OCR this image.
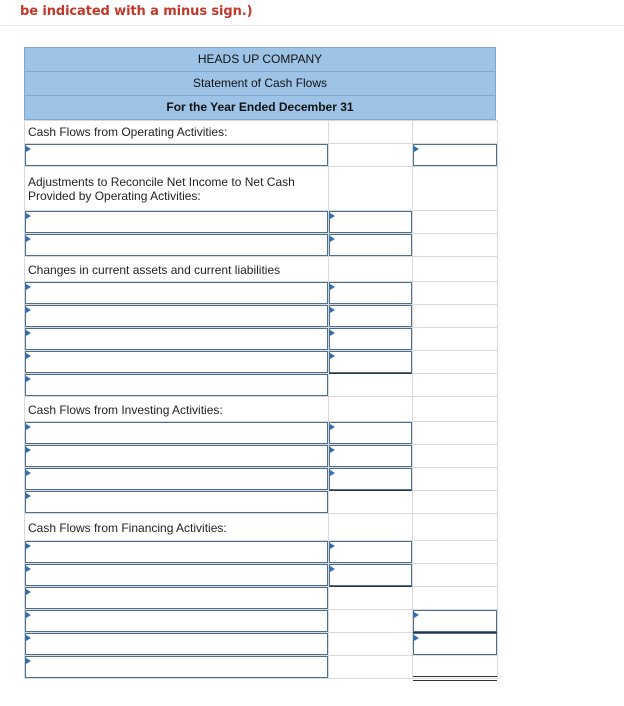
be indicated with a minus sign.)
HEADS UP COMPANY
Statement of Cash Flows
For the Year Ended December 31
Cash Flows from Operating Activities:		

Adjustments to Reconcile Net Income to Net Cash Provided by Operating Activities:		

Changes in current assets and current liabilities		

Cash Flows from Investing Activities:		

Cash Flows from Financing Activities:		
